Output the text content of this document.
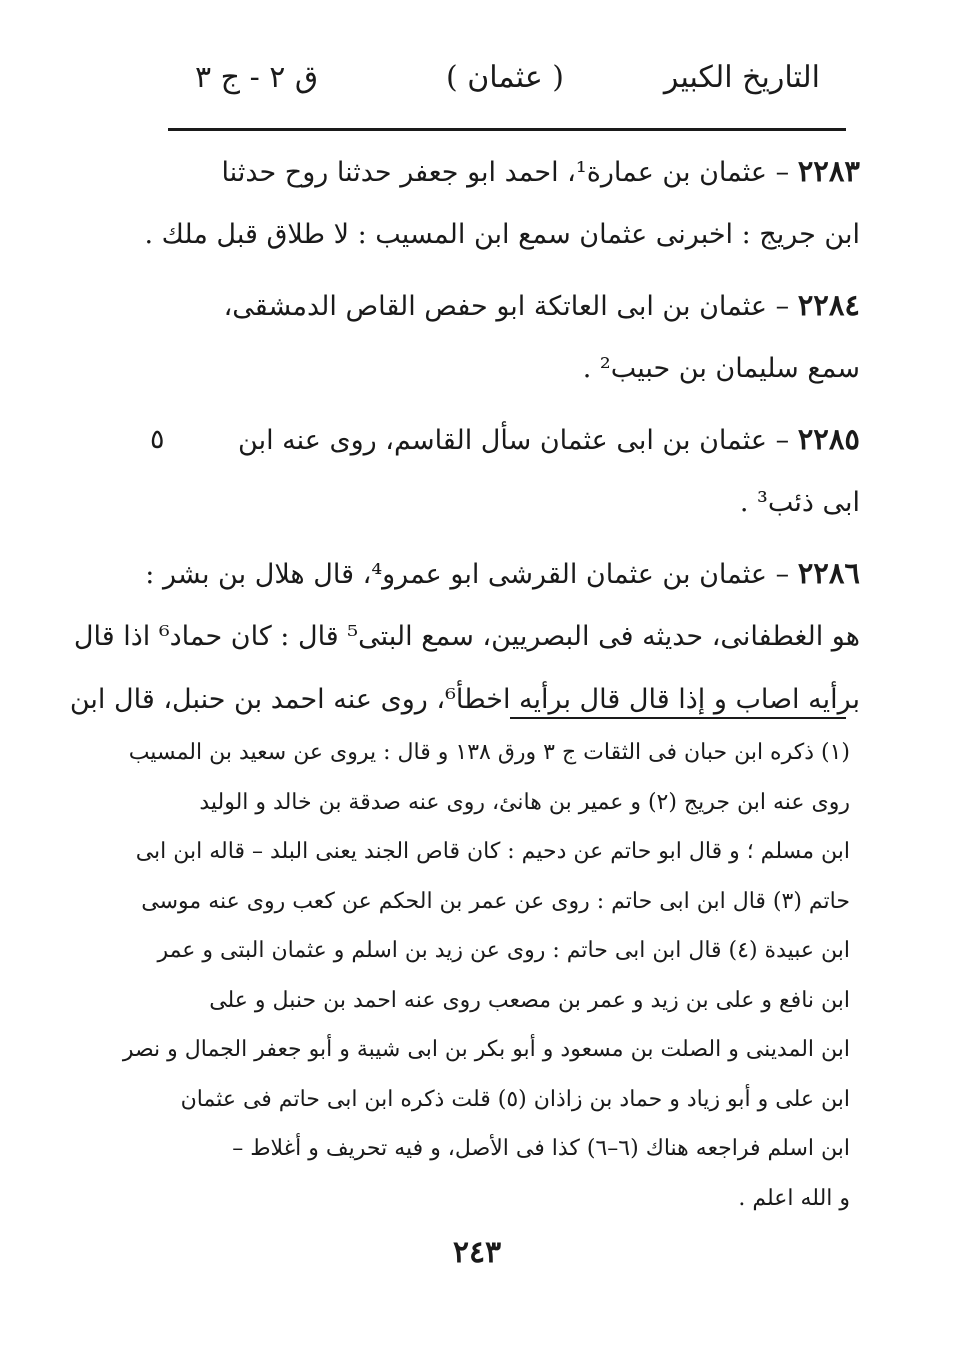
التاريخ الكبير
( عثمان )
ق ٢ - ج ٣
٥
٢٢٨٣ – عثمان بن عمارة¹، احمد ابو جعفر حدثنا روح حدثنا
ابن جريج : اخبرنى عثمان سمع ابن المسيب : لا طلاق قبل ملك .
٢٢٨٤ – عثمان بن ابى العاتكة ابو حفص القاص الدمشقى،
سمع سليمان بن حبيب² .
٢٢٨٥ – عثمان بن ابى عثمان سأل القاسم، روى عنه ابن
ابى ذئب³ .
٢٢٨٦ – عثمان بن عثمان القرشى ابو عمرو⁴، قال هلال بن بشر :
هو الغطفانى، حديثه فى البصريين، سمع البتى⁵ قال : كان حماد⁶ اذا قال
برأيه اصاب و إذا قال قال برأيه اخطأ⁶، روى عنه احمد بن حنبل، قال ابن
(١) ذكره ابن حبان فى الثقات ج ٣ ورق ١٣٨ و قال : يروى عن سعيد بن المسيب
روى عنه ابن جريج (٢) و عمير بن هانئ، روى عنه صدقة بن خالد و الوليد
ابن مسلم ؛ و قال ابو حاتم عن دحيم : كان قاص الجند يعنى البلد – قاله ابن ابى
حاتم (٣) قال ابن ابى حاتم : روى عن عمر بن الحكم عن كعب روى عنه موسى
ابن عبيدة (٤) قال ابن ابى حاتم : روى عن زيد بن اسلم و عثمان البتى و عمر
ابن نافع و على بن زيد و عمر بن مصعب روى عنه احمد بن حنبل و على
ابن المدينى و الصلت بن مسعود و أبو بكر بن ابى شيبة و أبو جعفر الجمال و نصر
ابن على و أبو زياد و حماد بن زاذان (٥) قلت ذكره ابن ابى حاتم فى عثمان
ابن اسلم فراجعه هناك (٦–٦) كذا فى الأصل، و فيه تحريف و أغلاط –
و الله اعلم .
٢٤٣
